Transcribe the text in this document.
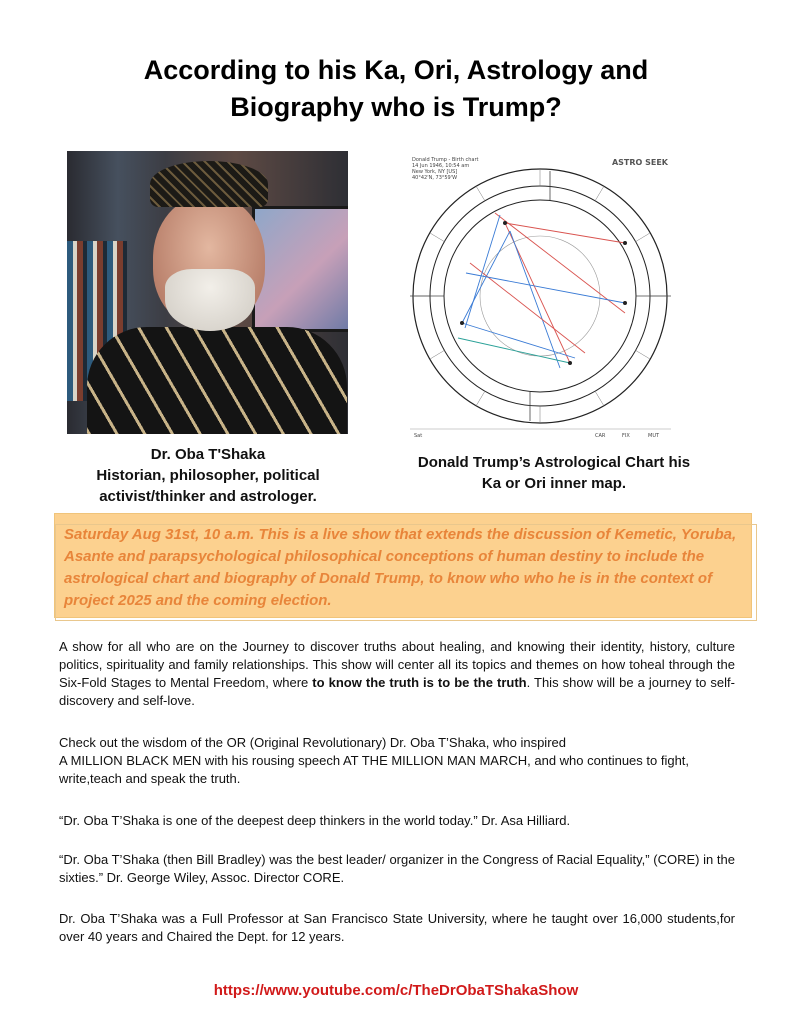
According to his Ka, Ori, Astrology and
Biography who is Trump?
Donald Trump - Birth chart
14 Jun 1946, 10:54 am
New York, NY [US]
40°42'N, 73°59'W
ASTRO SEEK
Sat	CAR	FIX	MUT
Dr. Oba T'Shaka
Historian, philosopher, political
activist/thinker and astrologer.
Donald Trump’s Astrological Chart his
Ka or Ori inner map.

Saturday Aug 31st, 10 a.m. This is a live show that extends the discussion of Kemetic, Yoruba, Asante and parapsychological philosophical conceptions of human destiny to include the astrological chart and biography of Donald Trump, to know who who he is in the context of project 2025 and the coming election.

A show for all who are on the Journey to discover truths about healing, and knowing their identity, history, culture politics, spirituality and family relationships. This show will center all its topics and themes on how toheal through the Six-Fold Stages to Mental Freedom, where to know the truth is to be the truth. This show will be a journey to self-discovery and self-love.
Check out the wisdom of the OR (Original Revolutionary) Dr. Oba T’Shaka, who inspired
A MILLION BLACK MEN with his rousing speech AT THE MILLION MAN MARCH, and who continues to fight, write,teach and speak the truth.
“Dr. Oba T’Shaka is one of the deepest deep thinkers in the world today.” Dr. Asa Hilliard.
“Dr. Oba T’Shaka (then Bill Bradley) was the best leader/ organizer in the Congress of Racial Equality,” (CORE) in the sixties.” Dr. George Wiley, Assoc. Director CORE.
Dr. Oba T’Shaka was a Full Professor at San Francisco State University, where he taught over 16,000 students,for over 40 years and Chaired the Dept. for 12 years.
https://www.youtube.com/c/TheDrObaTShakaShow
